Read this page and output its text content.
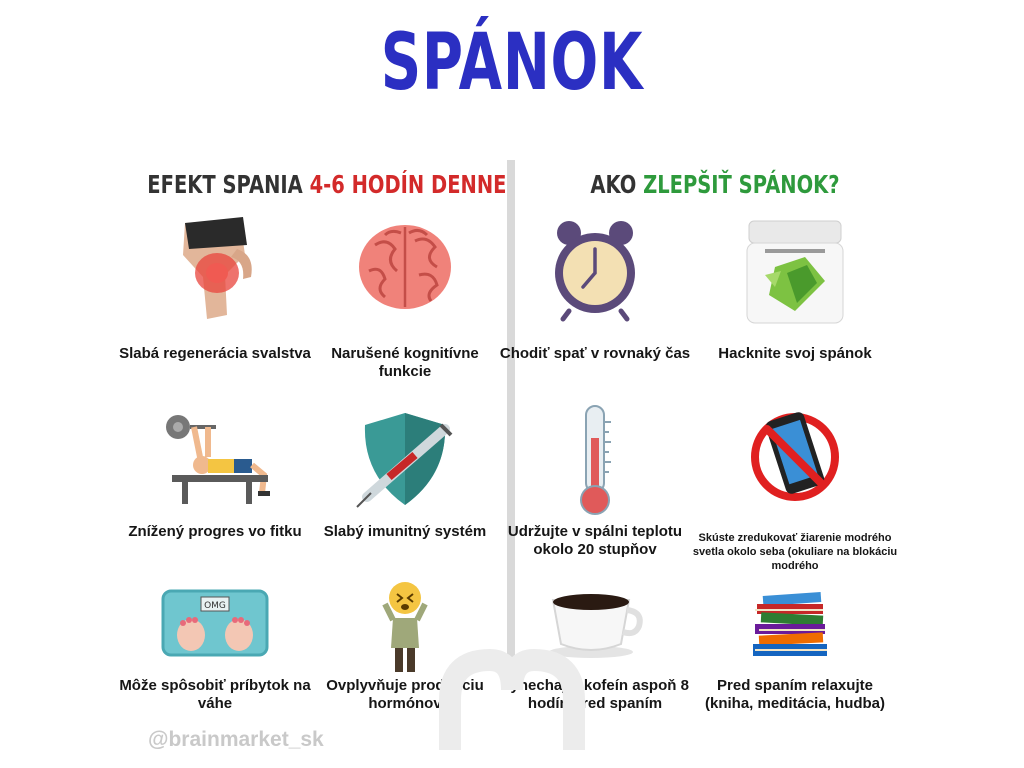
SPÁNOK
EFEKT SPANIA 4-6 HODÍN DENNE	AKO ZLEPŠIŤ SPÁNOK?
Slabá regenerácia svalstva	Narušené kognitívne funkcie
Znížený progres vo fitku	Slabý imunitný systém
OMG
Môže spôsobiť príbytok na váhe
Ovplyvňuje produkciu hormónov
Chodiť spať v rovnaký čas	Hacknite svoj spánok
Udržujte v spálni teplotu okolo 20 stupňov
Skúste zredukovať žiarenie modrého svetla okolo seba (okuliare na blokáciu modrého
Vynechajte kofeín aspoň 8 hodín pred spaním
Pred spaním relaxujte (kniha, meditácia, hudba)
@brainmarket_sk
